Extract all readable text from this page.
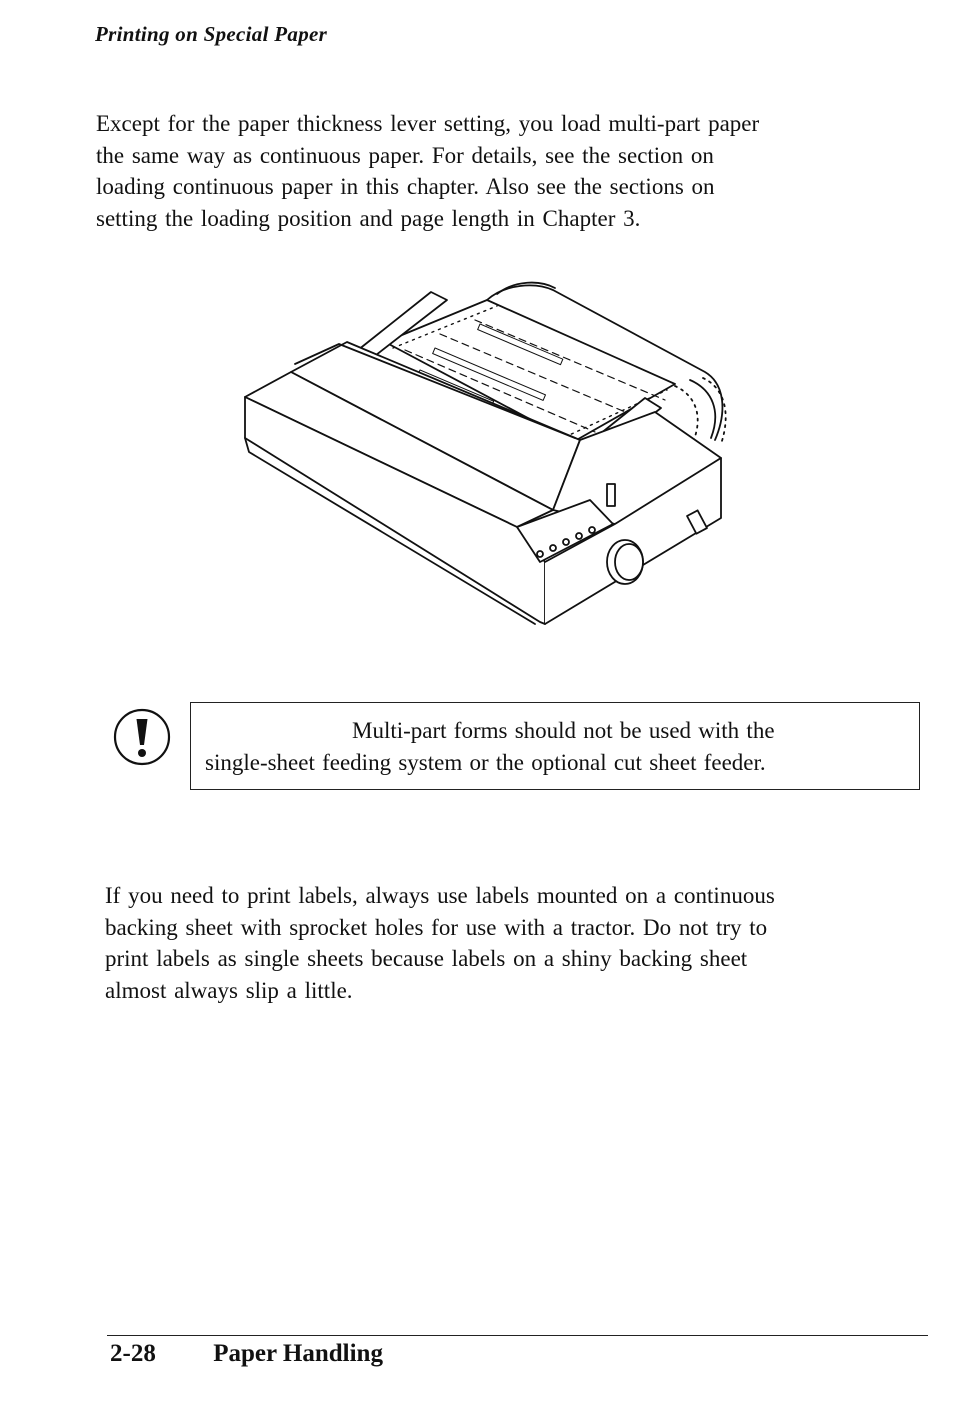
Printing on Special Paper

Except for the paper thickness lever setting, you load multi-part paper
the same way as continuous paper. For details, see the section on
loading continuous paper in this chapter. Also see the sections on
setting the loading position and page length in Chapter 3.

Multi-part forms should not be used with the
single-sheet feeding system or the optional cut sheet feeder.

If you need to print labels, always use labels mounted on a continuous
backing sheet with sprocket holes for use with a tractor. Do not try to
print labels as single sheets because labels on a shiny backing sheet
almost always slip a little.

2-28 Paper Handling
